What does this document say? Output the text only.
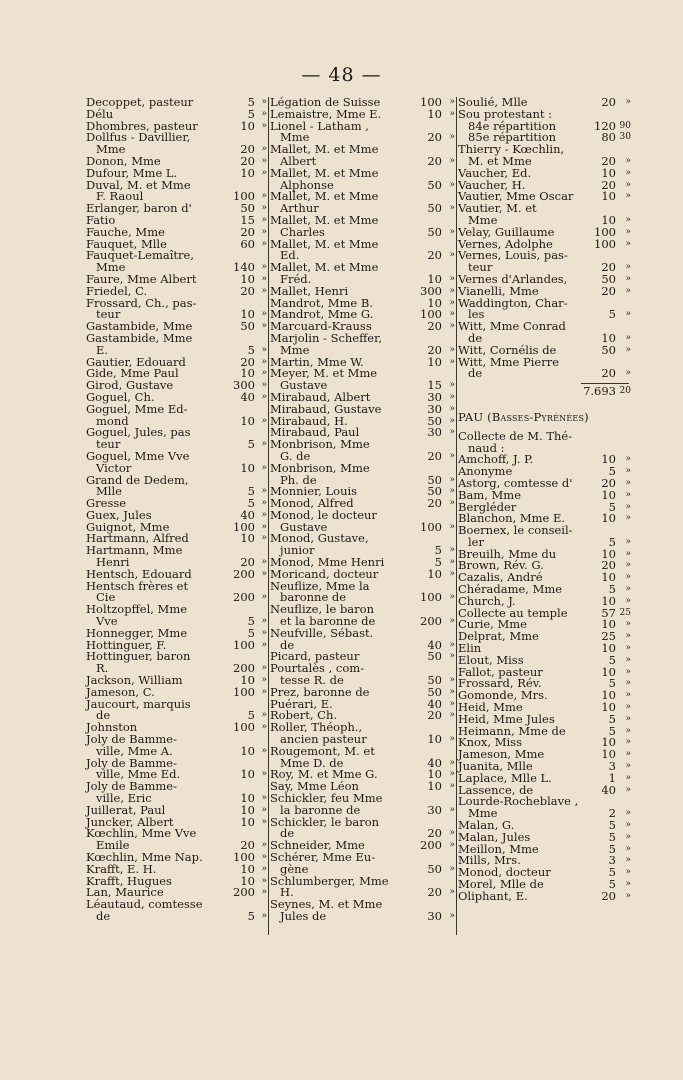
— 48 —
Decoppet, pasteur	5 »
Délu	5 »
Dhombres, pasteur	10 »
Dollfus - Davillier,
Mme	20 »
Donon, Mme	20 »
Dufour, Mme L.	10 »
Duval, M. et Mme
F. Raoul	100 »
Erlanger, baron d'	50 »
Fatio	15 »
Fauche, Mme	20 »
Fauquet, Mlle	60 »
Fauquet-Lemaître,
Mme	140 »
Faure, Mme Albert	10 »
Friedel, C.	20 »
Frossard, Ch., pas-
teur	10 »
Gastambide, Mme	50 »
Gastambide, Mme
E.	5 »
Gautier, Edouard	20 »
Gide, Mme Paul	10 »
Girod, Gustave	300 »
Goguel, Ch.	40 »
Goguel, Mme Ed-
mond	10 »
Goguel, Jules, pas
teur	5 »
Goguel, Mme Vve
Victor	10 »
Grand de Dedem,
Mlle	5 »
Gresse	5 »
Guex, Jules	40 »
Guignot, Mme	100 »
Hartmann, Alfred	10 »
Hartmann, Mme
Henri	20 »
Hentsch, Edouard	200 »
Hentsch frères et
Cie	200 »
Holtzopffel, Mme
Vve	5 »
Honnegger, Mme	5 »
Hottinguer, F.	100 »
Hottinguer, baron
R.	200 »
Jackson, William	10 »
Jameson, C.	100 »
Jaucourt, marquis
de	5 »
Johnston	100 »
Joly de Bamme-
ville, Mme A.	10 »
Joly de Bamme-
ville, Mme Ed.	10 »
Joly de Bamme-
ville, Eric	10 »
Juillerat, Paul	10 »
Juncker, Albert	10 »
Kœchlin, Mme Vve
Emile	20 »
Kœchlin, Mme Nap.	100 »
Krafft, E. H.	10 »
Krafft, Hugues	10 »
Lan, Maurice	200 »
Léautaud, comtesse
de	5 »
Légation de Suisse	100 »
Lemaistre, Mme E.	10 »
Lionel - Latham ,
Mme	20 »
Mallet, M. et Mme
Albert	20 »
Mallet, M. et Mme
Alphonse	50 »
Mallet, M. et Mme
Arthur	50 »
Mallet, M. et Mme
Charles	50 »
Mallet, M. et Mme
Ed.	20 »
Mallet, M. et Mme
Fréd.	10 »
Mallet, Henri	300 »
Mandrot, Mme B.	10 »
Mandrot, Mme G.	100 »
Marcuard-Krauss	20 »
Marjolin - Scheffer,
Mme	20 »
Martin, Mme W.	10 »
Meyer, M. et Mme
Gustave	15 »
Mirabaud, Albert	30 »
Mirabaud, Gustave	30 »
Mirabaud, H.	50 »
Mirabaud, Paul	30 »
Monbrison, Mme
G. de	20 »
Monbrison, Mme
Ph. de	50 »
Monnier, Louis	50 »
Monod, Alfred	20 »
Monod, le docteur
Gustave	100 »
Monod, Gustave,
junior	5 »
Monod, Mme Henri	5 »
Moricand, docteur	10 »
Neuflize, Mme la
baronne de	100 »
Neuflize, le baron
et la baronne de	200 »
Neufville, Sébast.
de	40 »
Picard, pasteur	50 »
Pourtalès , com-
tesse R. de	50 »
Prez, baronne de	50 »
Puérari, E.	40 »
Robert, Ch.	20 »
Roller, Théoph.,
ancien pasteur	10 »
Rougemont, M. et
Mme D. de	40 »
Roy, M. et Mme G.	10 »
Say, Mme Léon	10 »
Schickler, feu Mme
la baronne de	30 »
Schickler, le baron
de	20 »
Schneider, Mme	200 »
Schérer, Mme Eu-
gène	50 »
Schlumberger, Mme
H.	20 »
Seynes, M. et Mme
Jules de	30 »
Soulié, Mlle	20 »
Sou protestant :
84e répartition	120 90
85e répartition	80 30
Thierry - Kœchlin,
M. et Mme	20 »
Vaucher, Ed.	10 »
Vaucher, H.	20 »
Vautier, Mme Oscar 10 »
Vautier, M. et
Mme	10 »
Velay, Guillaume	100 »
Vernes, Adolphe	100 »
Vernes, Louis, pas-
teur	20 »
Vernes d'Arlandes,	50 »
Vianelli, Mme	20 »
Waddington, Char-
les	5 »
Witt, Mme Conrad
de	10 »
Witt, Cornélis de	50 »
Witt, Mme Pierre
de	20 »
7.693 20
PAU (Basses-Pyrénées)
Collecte de M. Thé-
naud :
Amchoff, J. P.	10 »
Anonyme	5 »
Astorg, comtesse d'	20 »
Bam, Mme	10 »
Bergléder	5 »
Blanchon, Mme E.	10 »
Boernex, le conseil-
ler	5 »
Breuilh, Mme du	10 »
Brown, Rév. G.	20 »
Cazalis, André	10 »
Chéradame, Mme	5 »
Church, J.	10 »
Collecte au temple	57 25
Curie, Mme	10 »
Delprat, Mme	25 »
Elin	10 »
Elout, Miss	5 »
Fallot, pasteur	10 »
Frossard, Rév.	5 »
Gomonde, Mrs.	10 »
Heid, Mme	10 »
Heid, Mme Jules	5 »
Heimann, Mme de	5 »
Knox, Miss	10 »
Jameson, Mme	10 »
Juanita, Mlle	3 »
Laplace, Mlle L.	1 »
Lassence, de	40 »
Lourde-Rocheblave ,
Mme	2 »
Malan, G.	5 »
Malan, Jules	5 »
Meillon, Mme	5 »
Mills, Mrs.	3 »
Monod, docteur	5 »
Morel, Mlle de	5 »
Oliphant, E.	20 »
